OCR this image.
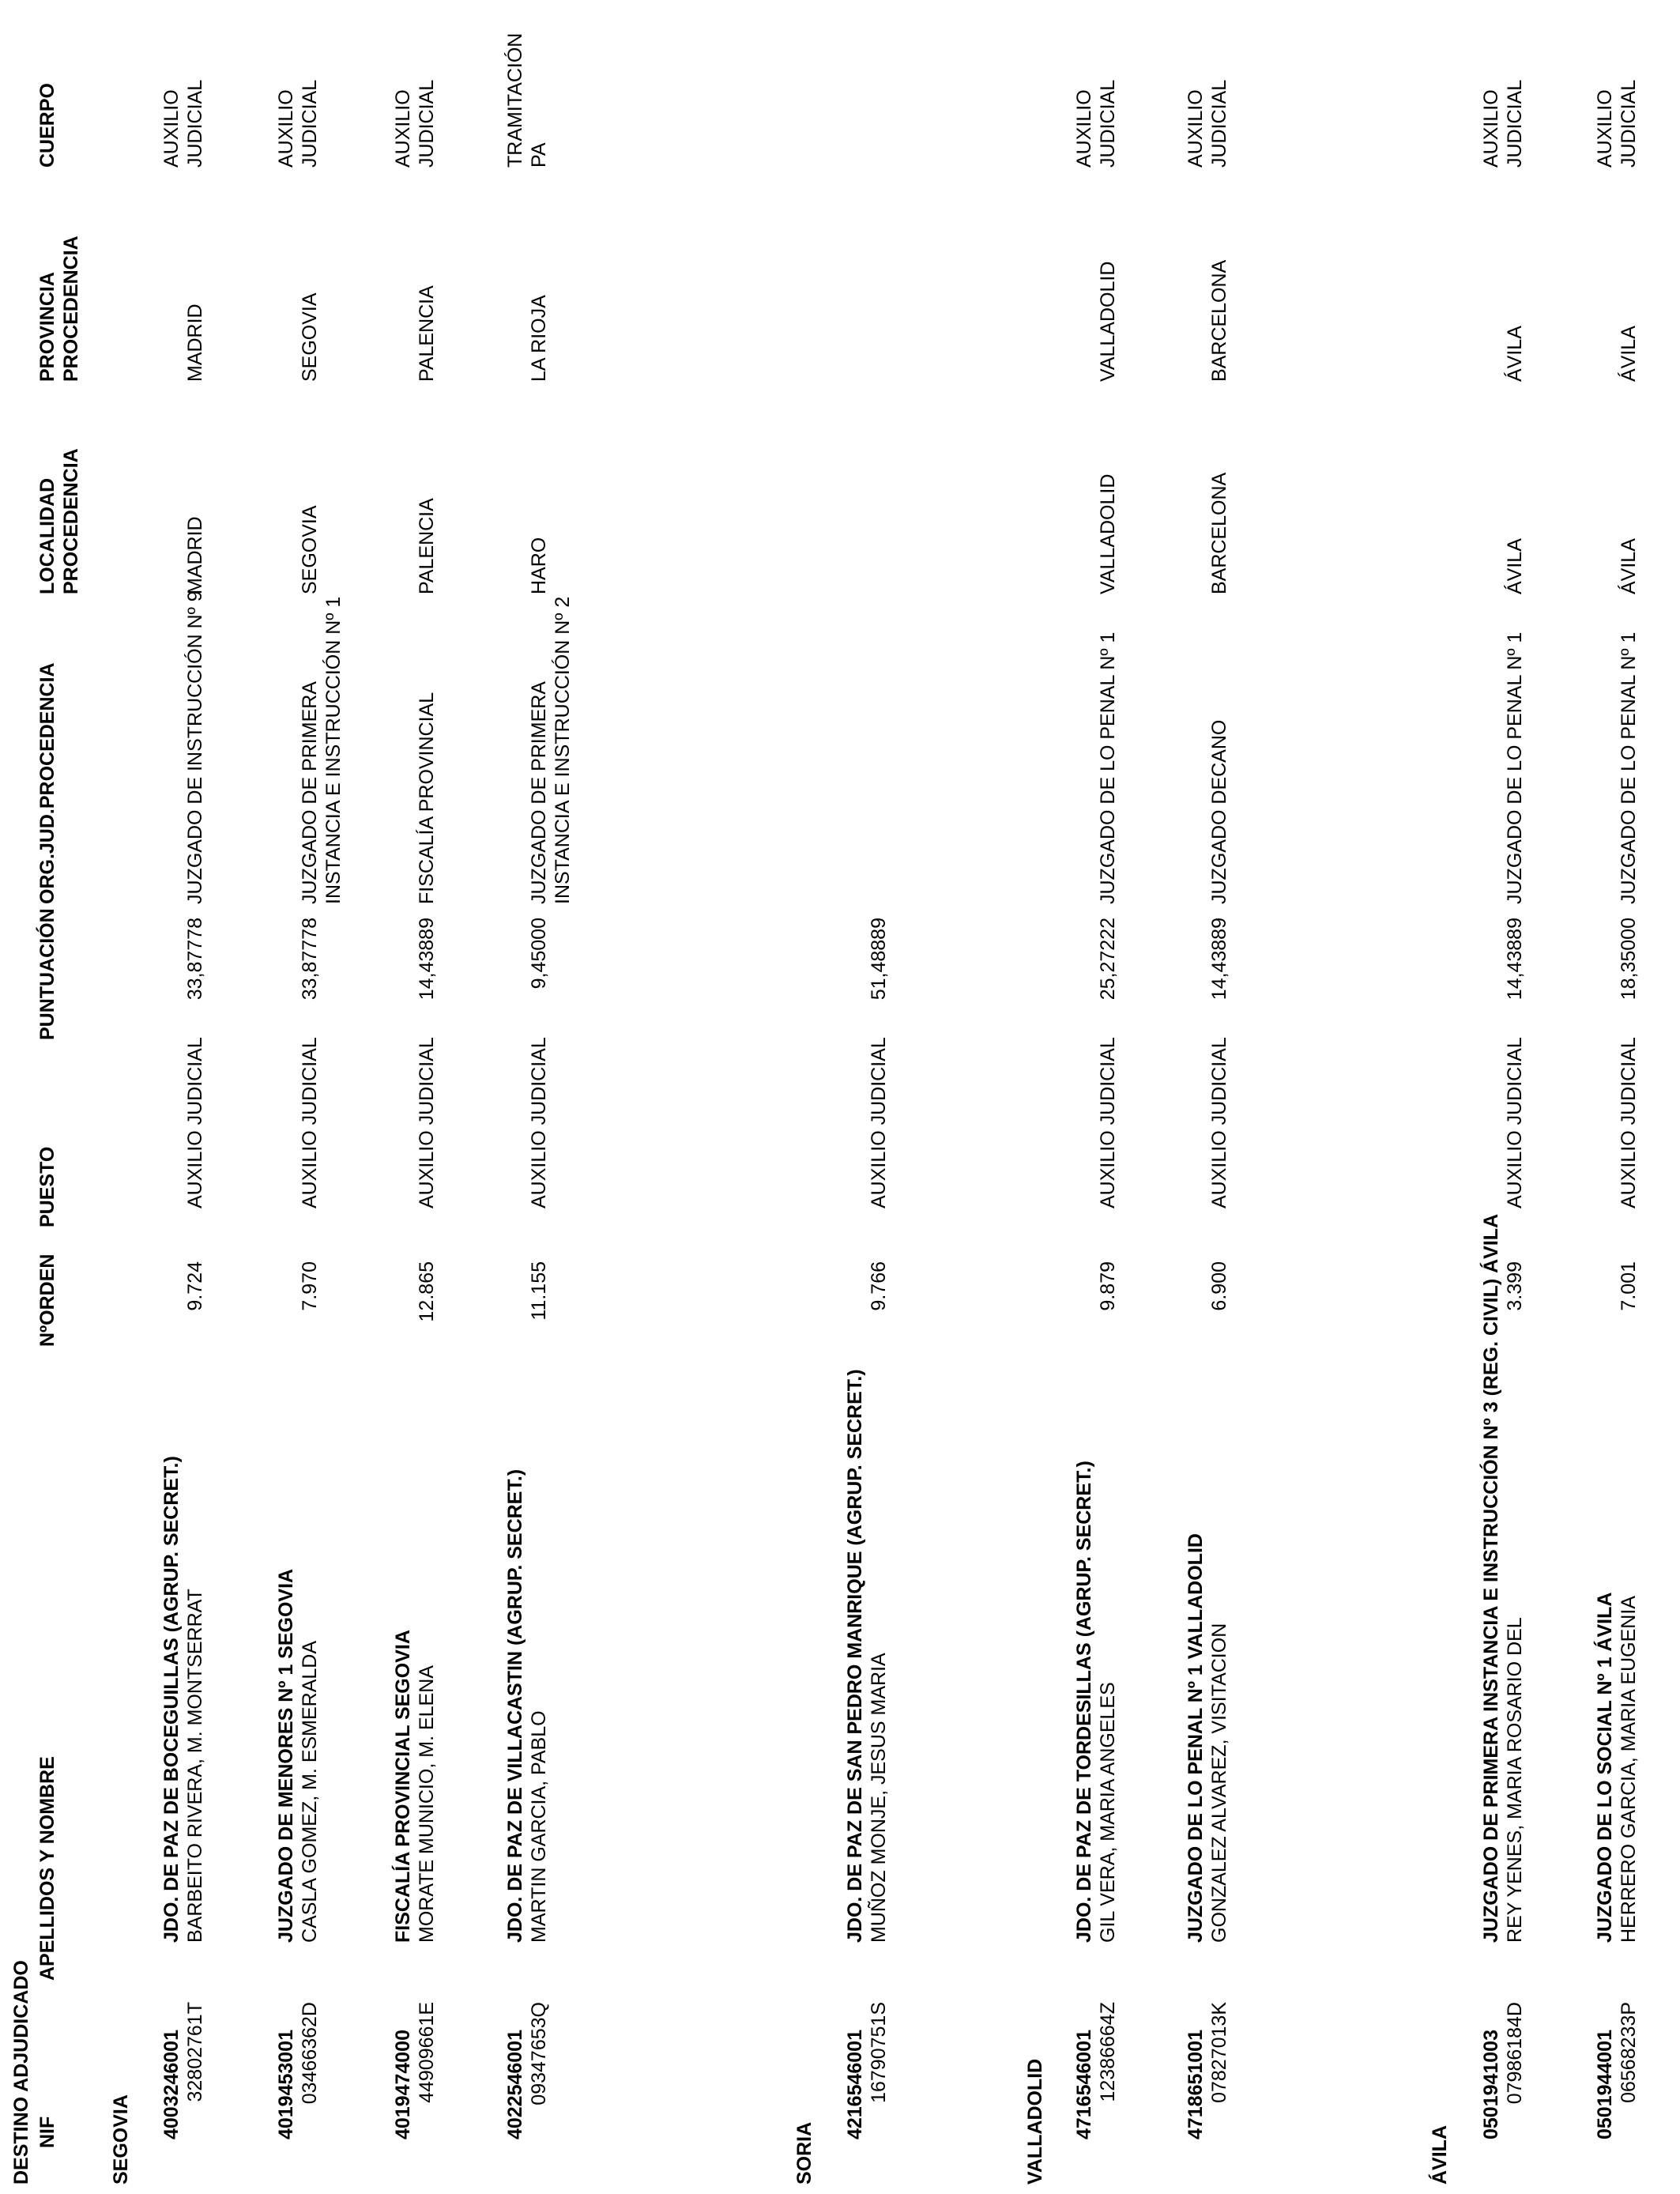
DESTINO ADJUDICADO NIF
APELLIDOS Y NOMBRE
NºORDEN
PUESTO
PUNTUACIÓN
ORG.JUD.PROCEDENCIA
LOCALIDAD PROCEDENCIA
PROVINCIA PROCEDENCIA
CUERPO
SEGOVIA 4003246001
JDO. DE PAZ DE BOCEGUILLAS (AGRUP. SECRET.)
32802761T
BARBEITO RIVERA, M. MONTSERRAT
9.724
AUXILIO JUDICIAL
33,87778
JUZGADO DE INSTRUCCIÓN Nº 9
MADRID
MADRID
AUXILIO JUDICIAL
4019453001
JUZGADO DE MENORES Nº 1 SEGOVIA
03466362D
CASLA GOMEZ, M. ESMERALDA
7.970
AUXILIO JUDICIAL
33,87778
JUZGADO DE PRIMERA INSTANCIA E INSTRUCCIÓN Nº 1
SEGOVIA
SEGOVIA
AUXILIO JUDICIAL
4019474000
FISCALÍA PROVINCIAL SEGOVIA
44909661E
MORATE MUNICIO, M. ELENA
12.865
AUXILIO JUDICIAL
14,43889
FISCALÍA PROVINCIAL
PALENCIA
PALENCIA
AUXILIO JUDICIAL
4022546001
JDO. DE PAZ DE VILLACASTIN (AGRUP. SECRET.)
09347653Q
MARTIN GARCIA, PABLO
11.155
AUXILIO JUDICIAL
9,45000
JUZGADO DE PRIMERA INSTANCIA E INSTRUCCIÓN Nº 2
HARO
LA RIOJA
TRAMITACIÓN PA
SORIA
4216546001
JDO. DE PAZ DE SAN PEDRO MANRIQUE (AGRUP. SECRET.)
16790751S
MUÑOZ MONJE, JESUS MARIA
9.766
AUXILIO JUDICIAL
51,48889
VALLADOLID 4716546001
JDO. DE PAZ DE TORDESILLAS (AGRUP. SECRET.)
12386664Z
GIL VERA, MARIA ANGELES
9.879
AUXILIO JUDICIAL
25,27222
JUZGADO DE LO PENAL Nº 1
VALLADOLID
VALLADOLID
AUXILIO JUDICIAL
4718651001
JUZGADO DE LO PENAL Nº 1 VALLADOLID
07827013K
GONZALEZ ALVAREZ, VISITACION
6.900
AUXILIO JUDICIAL
14,43889
JUZGADO DECANO
BARCELONA
BARCELONA
AUXILIO JUDICIAL
ÁVILA
0501941003
JUZGADO DE PRIMERA INSTANCIA E INSTRUCCIÓN Nº 3 (REG. CIVIL) ÁVILA
07986184D
REY YENES, MARIA ROSARIO DEL
3.399
AUXILIO JUDICIAL
14,43889
JUZGADO DE LO PENAL Nº 1
ÁVILA
ÁVILA
AUXILIO JUDICIAL
0501944001
JUZGADO DE LO SOCIAL Nº 1 ÁVILA
06568233P
HERRERO GARCIA, MARIA EUGENIA
7.001
AUXILIO JUDICIAL
18,35000
JUZGADO DE LO PENAL Nº 1
ÁVILA
ÁVILA
AUXILIO JUDICIAL
